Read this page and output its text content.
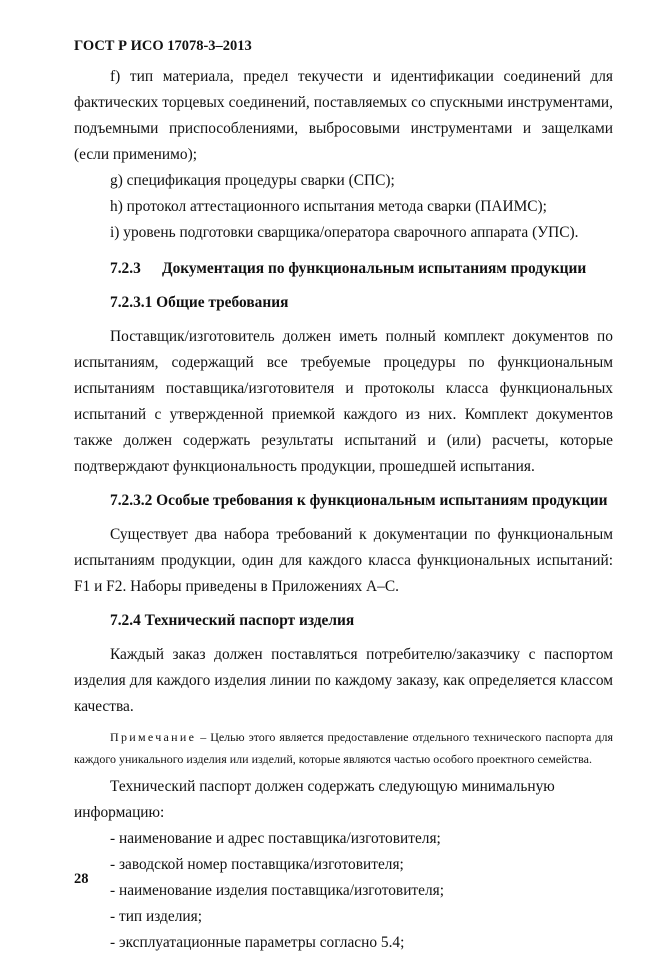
ГОСТ Р ИСО 17078-3–2013

f) тип материала, предел текучести и идентификации соединений для фактических торцевых соединений, поставляемых со спускными инструментами, подъемными приспособлениями, выбросовыми инструментами и защелками (если применимо);

g) спецификация процедуры сварки (СПС);

h) протокол аттестационного испытания метода сварки (ПАИМС);

i) уровень подготовки сварщика/оператора сварочного аппарата (УПС).

7.2.3 Документация по функциональным испытаниям продукции

7.2.3.1 Общие требования

Поставщик/изготовитель должен иметь полный комплект документов по испытаниям, содержащий все требуемые процедуры по функциональным испытаниям поставщика/изготовителя и протоколы класса функциональных испытаний с утвержденной приемкой каждого из них. Комплект документов также должен содержать результаты испытаний и (или) расчеты, которые подтверждают функциональность продукции, прошедшей испытания.

7.2.3.2 Особые требования к функциональным испытаниям продукции

Существует два набора требований к документации по функциональным испытаниям продукции, один для каждого класса функциональных испытаний: F1 и F2. Наборы приведены в Приложениях А–С.

7.2.4 Технический паспорт изделия

Каждый заказ должен поставляться потребителю/заказчику с паспортом изделия для каждого изделия линии по каждому заказу, как определяется классом качества.

Примечание – Целью этого является предоставление отдельного технического паспорта для каждого уникального изделия или изделий, которые являются частью особого проектного семейства.

Технический паспорт должен содержать следующую минимальную информацию:

- наименование и адрес поставщика/изготовителя;

- заводской номер поставщика/изготовителя;

- наименование изделия поставщика/изготовителя;

- тип изделия;

- эксплуатационные параметры согласно 5.4;

28
